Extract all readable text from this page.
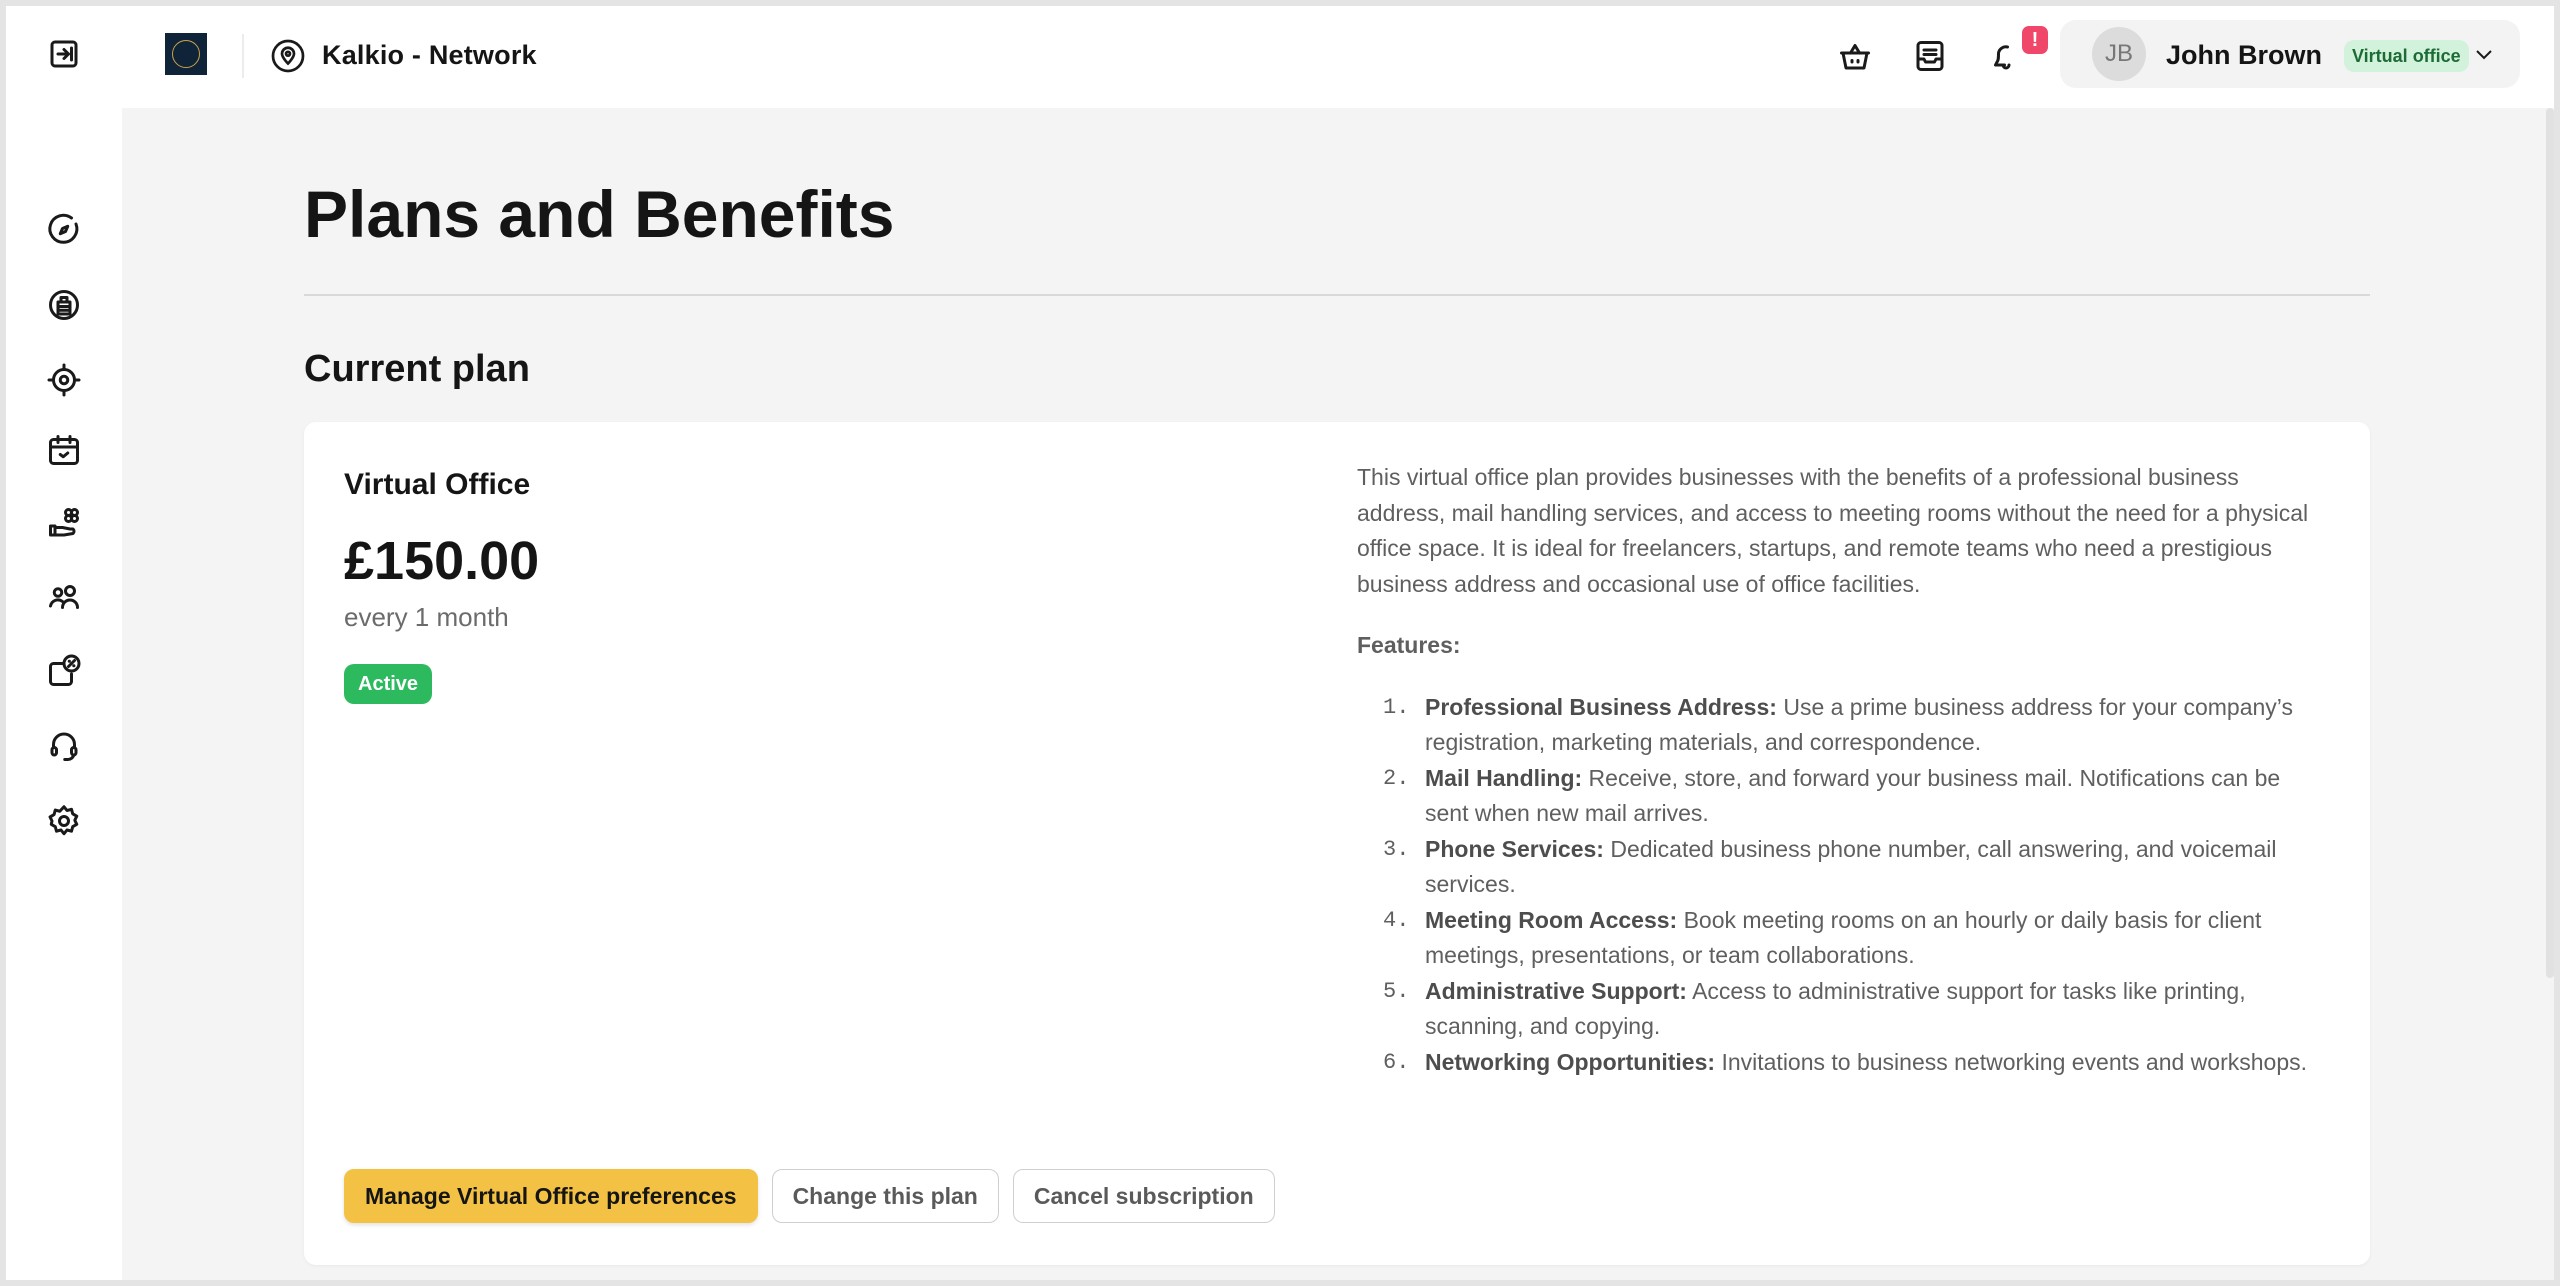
Kalkio - Network	!	JB	John Brown	Virtual office
Plans and Benefits
Current plan
Virtual Office
£150.00
every 1 month
Active

This virtual office plan provides businesses with the benefits of a professional business address, mail handling services, and access to meeting rooms without the need for a physical office space. It is ideal for freelancers, startups, and remote teams who need a prestigious business address and occasional use of office facilities.

Features:
1. Professional Business Address: Use a prime business address for your company’s registration, marketing materials, and correspondence.
2. Mail Handling: Receive, store, and forward your business mail. Notifications can be sent when new mail arrives.
3. Phone Services: Dedicated business phone number, call answering, and voicemail services.
4. Meeting Room Access: Book meeting rooms on an hourly or daily basis for client meetings, presentations, or team collaborations.
5. Administrative Support: Access to administrative support for tasks like printing, scanning, and copying.
6. Networking Opportunities: Invitations to business networking events and workshops.
Manage Virtual Office preferences	Change this plan	Cancel subscription
